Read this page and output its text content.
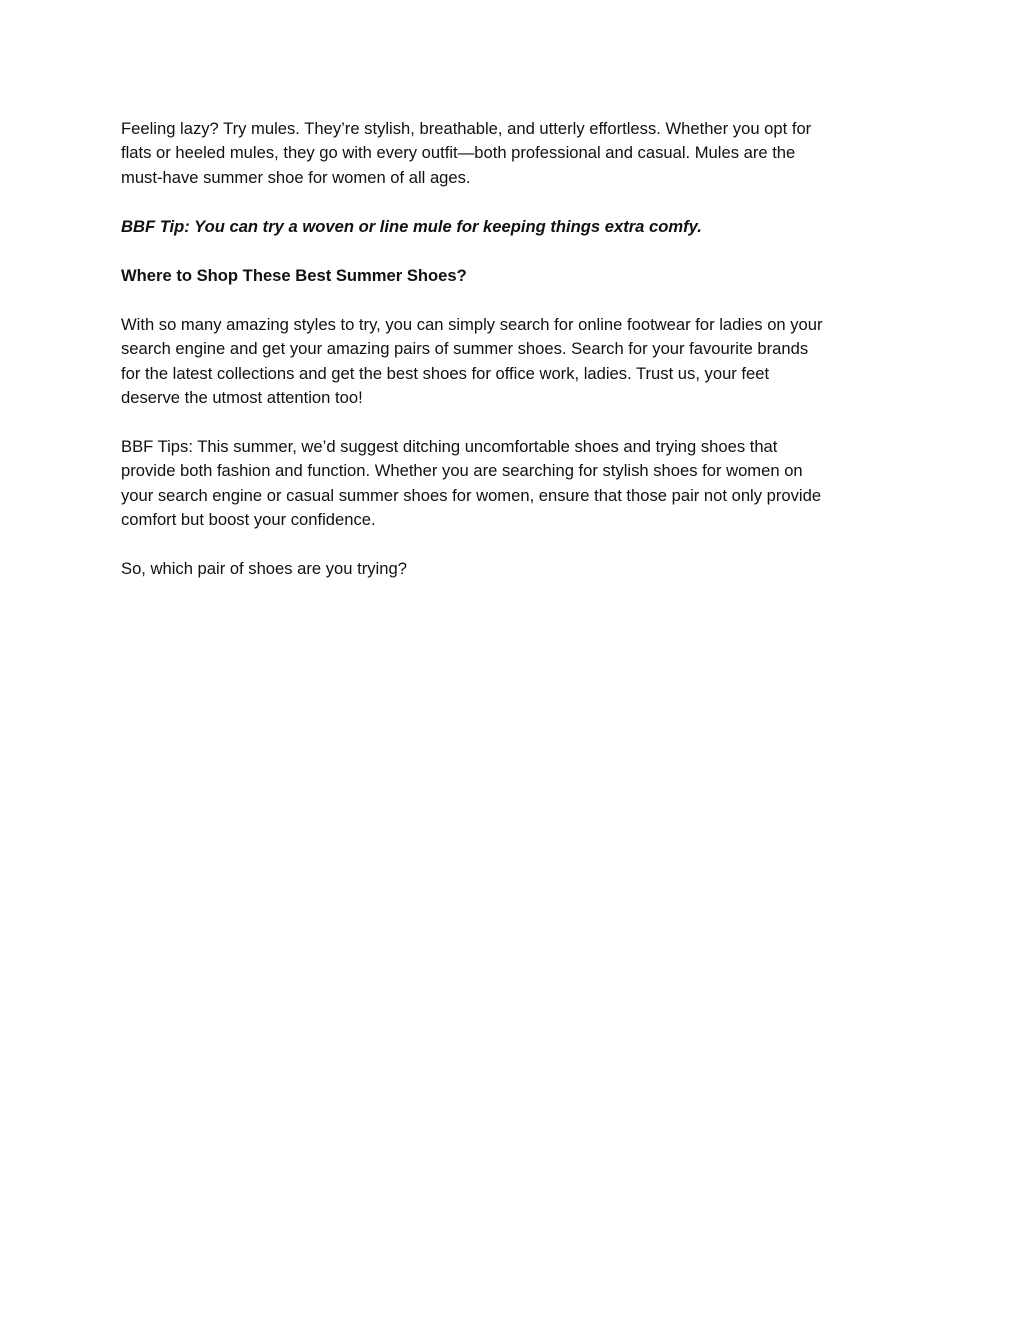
Feeling lazy? Try mules. They’re stylish, breathable, and utterly effortless. Whether you opt for
flats or heeled mules, they go with every outfit—both professional and casual. Mules are the
must-have summer shoe for women of all ages.

BBF Tip: You can try a woven or line mule for keeping things extra comfy.

Where to Shop These Best Summer Shoes?

With so many amazing styles to try, you can simply search for online footwear for ladies on your
search engine and get your amazing pairs of summer shoes. Search for your favourite brands
for the latest collections and get the best shoes for office work, ladies. Trust us, your feet
deserve the utmost attention too!

BBF Tips: This summer, we’d suggest ditching uncomfortable shoes and trying shoes that
provide both fashion and function. Whether you are searching for stylish shoes for women on
your search engine or casual summer shoes for women, ensure that those pair not only provide
comfort but boost your confidence.

So, which pair of shoes are you trying?
